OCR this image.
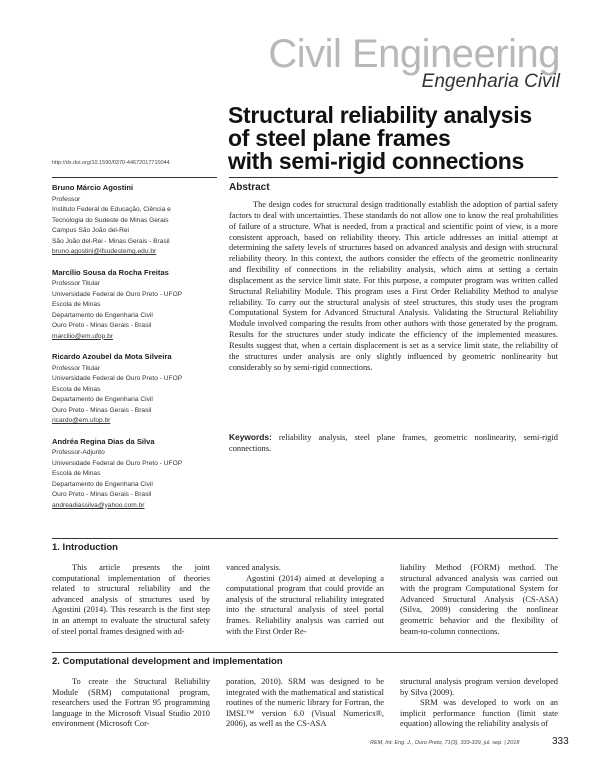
Civil Engineering
Engenharia Civil
Structural reliability analysis
of steel plane frames
with semi-rigid connections
http://dx.doi.org/10.1590/0370-44672017710044
Bruno Márcio Agostini
Professor
Instituto Federal de Educação, Ciência e
Tecnologia do Sudeste de Minas Gerais
Campus São João del-Rei
São João del-Rei - Minas Gerais - Brasil
bruno.agostini@ifsudestemg.edu.br
Marcílio Sousa da Rocha Freitas
Professor Titular
Universidade Federal de Ouro Preto - UFOP
Escola de Minas
Departamento de Engenharia Civil
Ouro Preto - Minas Gerais - Brasil
marcilio@em.ufop.br
Ricardo Azoubel da Mota Silveira
Professor Titular
Universidade Federal de Ouro Preto - UFOP
Escola de Minas
Departamento de Engenharia Civil
Ouro Preto - Minas Gerais - Brasil
ricardo@em.ufop.br
Andréa Regina Dias da Silva
Professor-Adjunto
Universidade Federal de Ouro Preto - UFOP
Escola de Minas
Departamento de Engenharia Civil
Ouro Preto - Minas Gerais - Brasil
andreadiassilva@yahoo.com.br
Abstract

The design codes for structural design traditionally establish the adoption of partial safety factors to deal with uncertainties. These standards do not allow one to know the real probabilities of failure of a structure. What is needed, from a practical and scientific point of view, is a more consistent approach, based on reliability theory. This article addresses an initial attempt at determining the safety levels of structures based on advanced analysis and design with structural reliability theory. In this context, the authors consider the effects of the geometric nonlinearity and flexibility of connections in the reliability analysis, which aims at setting a certain displacement as the service limit state. For this purpose, a computer program was written called Structural Reliability Module. This program uses a First Order Reliability Method to analyse reliability. To carry out the structural analysis of steel structures, this study uses the program Computational System for Advanced Structural Analysis. Validating the Structural Reliability Module involved comparing the results from other authors with those generated by the program. Results for the structures under study indicate the efficiency of the implemented measures. Results suggest that, when a certain displacement is set as a service limit state, the reliability of the structures under analysis are only slightly influenced by geometric nonlinearity but considerably so by semi-rigid connections.

Keywords: reliability analysis, steel plane frames, geometric nonlinearity, semi-rigid connections.
1. Introduction

This article presents the joint computational implementation of theories related to structural reliability and the advanced analysis of structures used by Agostini (2014). This research is the first step in an attempt to evaluate the structural safety of steel portal frames designed with ad-

vanced analysis.

Agostini (2014) aimed at developing a computational program that could provide an analysis of the structural reliability integrated into the structural analysis of steel portal frames. Reliability analysis was carried out with the First Order Re-

liability Method (FORM) method. The structural advanced analysis was carried out with the program Computational System for Advanced Structural Analysis (CS-ASA) (Silva, 2009) considering the nonlinear geometric behavior and the flexibility of beam-to-column connections.

2. Computational development and implementation

To create the Structural Reliability Module (SRM) computational program, researchers used the Fortran 95 programming language in the Microsoft Visual Studio 2010 environment (Microsoft Cor-

poration, 2010). SRM was designed to be integrated with the mathematical and statistical routines of the numeric library for Fortran, the IMSL™ version 6.0 (Visual Numerics®, 2006), as well as the CS-ASA

structural analysis program version developed by Silva (2009).

SRM was developed to work on an implicit performance function (limit state equation) allowing the reliability analysis of

REM, Int. Eng. J., Ouro Preto, 71(3), 333-339, jul. sep. | 2018	333
